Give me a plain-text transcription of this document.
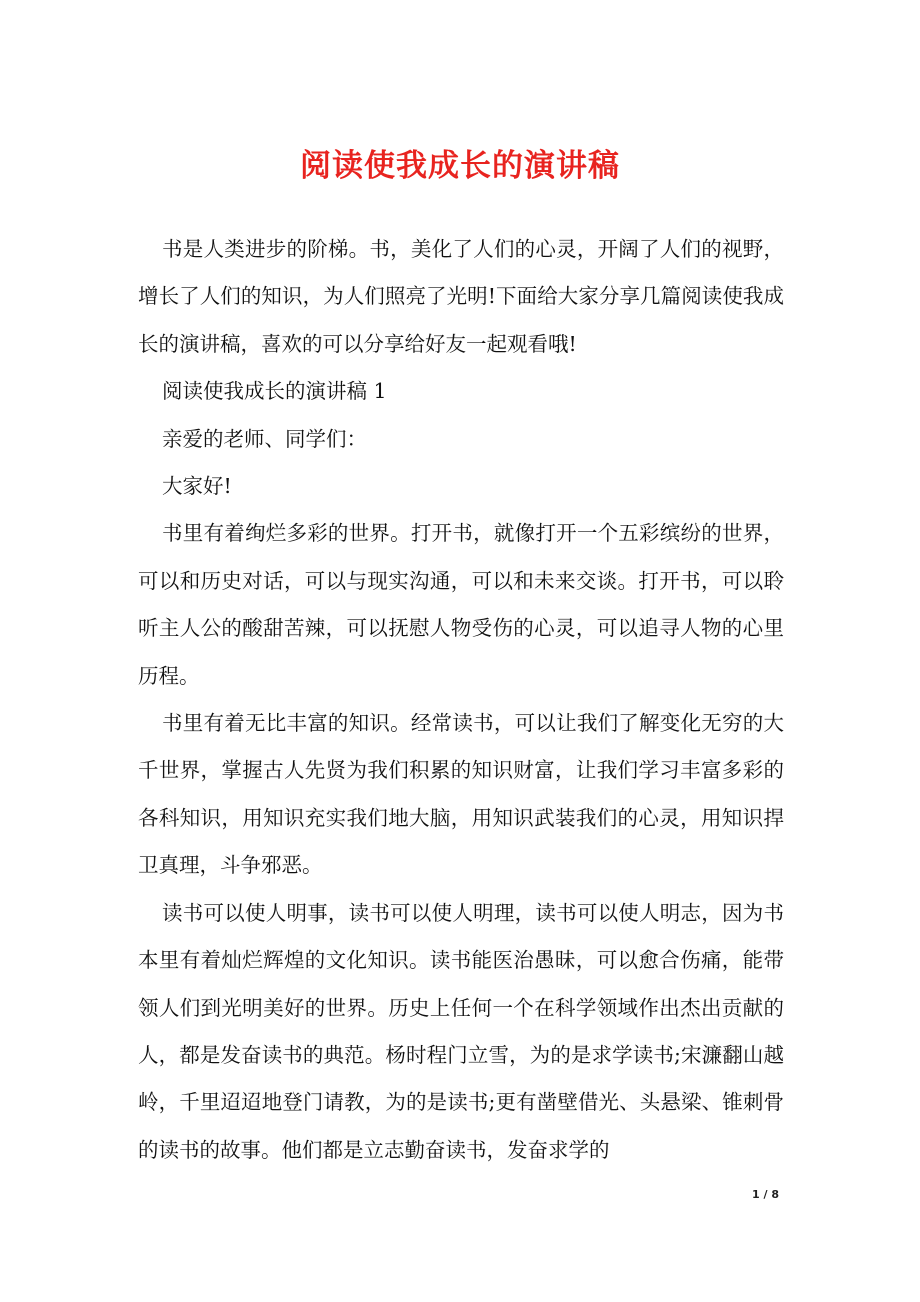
阅读使我成长的演讲稿

书是人类进步的阶梯。书，美化了人们的心灵，开阔了人们的视野，增长了人们的知识，为人们照亮了光明!下面给大家分享几篇阅读使我成长的演讲稿，喜欢的可以分享给好友一起观看哦!

阅读使我成长的演讲稿 1

亲爱的老师、同学们：

大家好!

书里有着绚烂多彩的世界。打开书，就像打开一个五彩缤纷的世界，可以和历史对话，可以与现实沟通，可以和未来交谈。打开书，可以聆听主人公的酸甜苦辣，可以抚慰人物受伤的心灵，可以追寻人物的心里历程。

书里有着无比丰富的知识。经常读书，可以让我们了解变化无穷的大千世界，掌握古人先贤为我们积累的知识财富，让我们学习丰富多彩的各科知识，用知识充实我们地大脑，用知识武装我们的心灵，用知识捍卫真理，斗争邪恶。

读书可以使人明事，读书可以使人明理，读书可以使人明志，因为书本里有着灿烂辉煌的文化知识。读书能医治愚昧，可以愈合伤痛，能带领人们到光明美好的世界。历史上任何一个在科学领域作出杰出贡献的人，都是发奋读书的典范。杨时程门立雪，为的是求学读书;宋濂翻山越岭，千里迢迢地登门请教，为的是读书;更有凿壁借光、头悬梁、锥刺骨的读书的故事。他们都是立志勤奋读书，发奋求学的

1 / 8
